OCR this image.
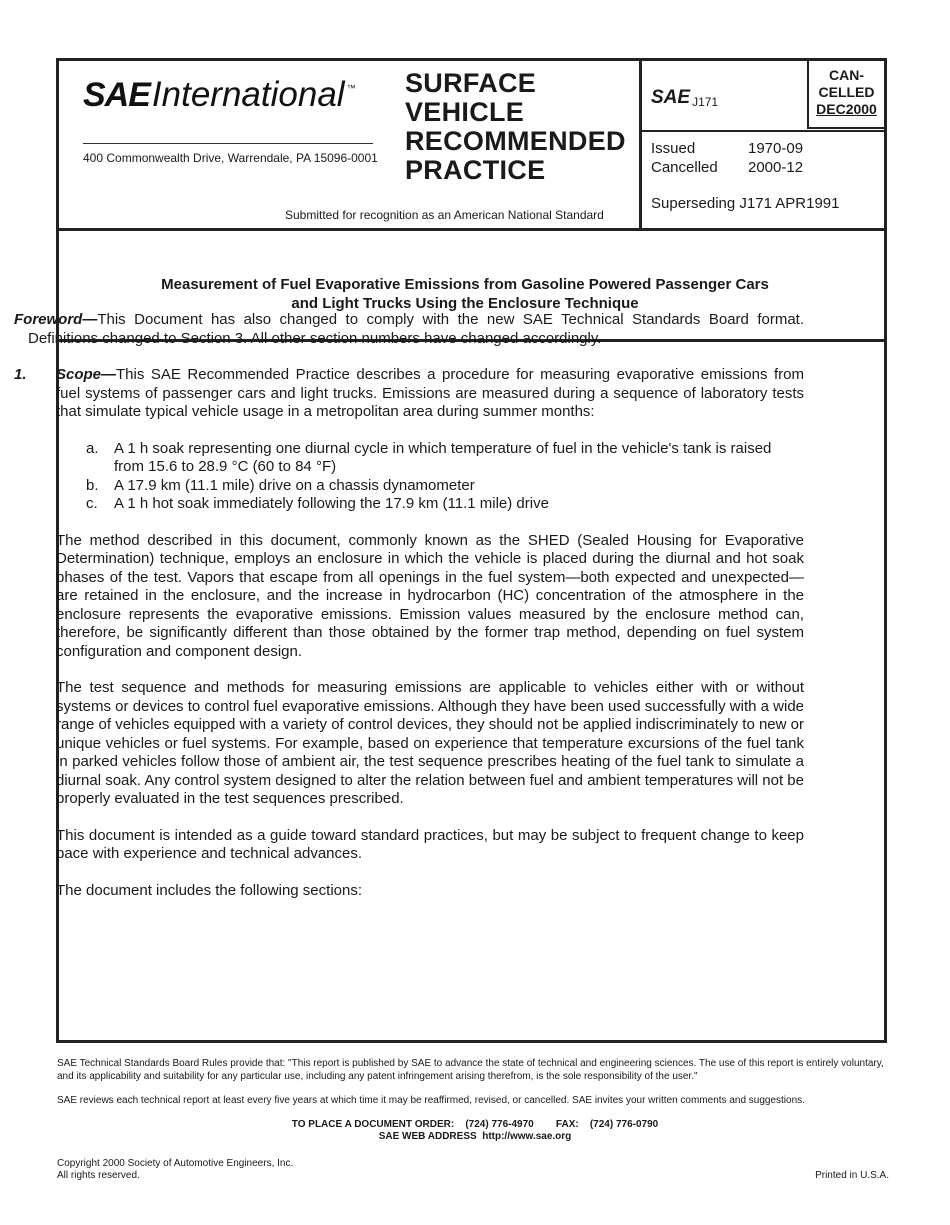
SAE International ™
400 Commonwealth Drive, Warrendale, PA 15096-0001
SURFACE
VEHICLE
RECOMMENDED
PRACTICE
Submitted for recognition as an American National Standard
SAE J171
CAN-
CELLED
DEC2000
Issued	1970-09
Cancelled	2000-12
Superseding J171 APR1991
Measurement of Fuel Evaporative Emissions from Gasoline Powered Passenger Cars
and Light Trucks Using the Enclosure Technique

Foreword—This Document has also changed to comply with the new SAE Technical Standards Board format. Definitions changed to Section 3. All other section numbers have changed accordingly.

1.	Scope—This SAE Recommended Practice describes a procedure for measuring evaporative emissions from fuel systems of passenger cars and light trucks. Emissions are measured during a sequence of laboratory tests that simulate typical vehicle usage in a metropolitan area during summer months:
a.	A 1 h soak representing one diurnal cycle in which temperature of fuel in the vehicle's tank is raised from 15.6 to 28.9 °C (60 to 84 °F)
b.	A 17.9 km (11.1 mile) drive on a chassis dynamometer
c.	A 1 h hot soak immediately following the 17.9 km (11.1 mile) drive

The method described in this document, commonly known as the SHED (Sealed Housing for Evaporative Determination) technique, employs an enclosure in which the vehicle is placed during the diurnal and hot soak phases of the test. Vapors that escape from all openings in the fuel system—both expected and unexpected—are retained in the enclosure, and the increase in hydrocarbon (HC) concentration of the atmosphere in the enclosure represents the evaporative emissions. Emission values measured by the enclosure method can, therefore, be significantly different than those obtained by the former trap method, depending on fuel system configuration and component design.

The test sequence and methods for measuring emissions are applicable to vehicles either with or without systems or devices to control fuel evaporative emissions. Although they have been used successfully with a wide range of vehicles equipped with a variety of control devices, they should not be applied indiscriminately to new or unique vehicles or fuel systems. For example, based on experience that temperature excursions of the fuel tank in parked vehicles follow those of ambient air, the test sequence prescribes heating of the fuel tank to simulate a diurnal soak. Any control system designed to alter the relation between fuel and ambient temperatures will not be properly evaluated in the test sequences prescribed.

This document is intended as a guide toward standard practices, but may be subject to frequent change to keep pace with experience and technical advances.

The document includes the following sections:

SAE Technical Standards Board Rules provide that: "This report is published by SAE to advance the state of technical and engineering sciences. The use of this report is entirely voluntary, and its applicability and suitability for any particular use, including any patent infringement arising therefrom, is the sole responsibility of the user."
SAE reviews each technical report at least every five years at which time it may be reaffirmed, revised, or cancelled. SAE invites your written comments and suggestions.
TO PLACE A DOCUMENT ORDER:    (724) 776-4970        FAX:    (724) 776-0790
SAE WEB ADDRESS  http://www.sae.org
Copyright 2000 Society of Automotive Engineers, Inc.
All rights reserved.	Printed in U.S.A.
